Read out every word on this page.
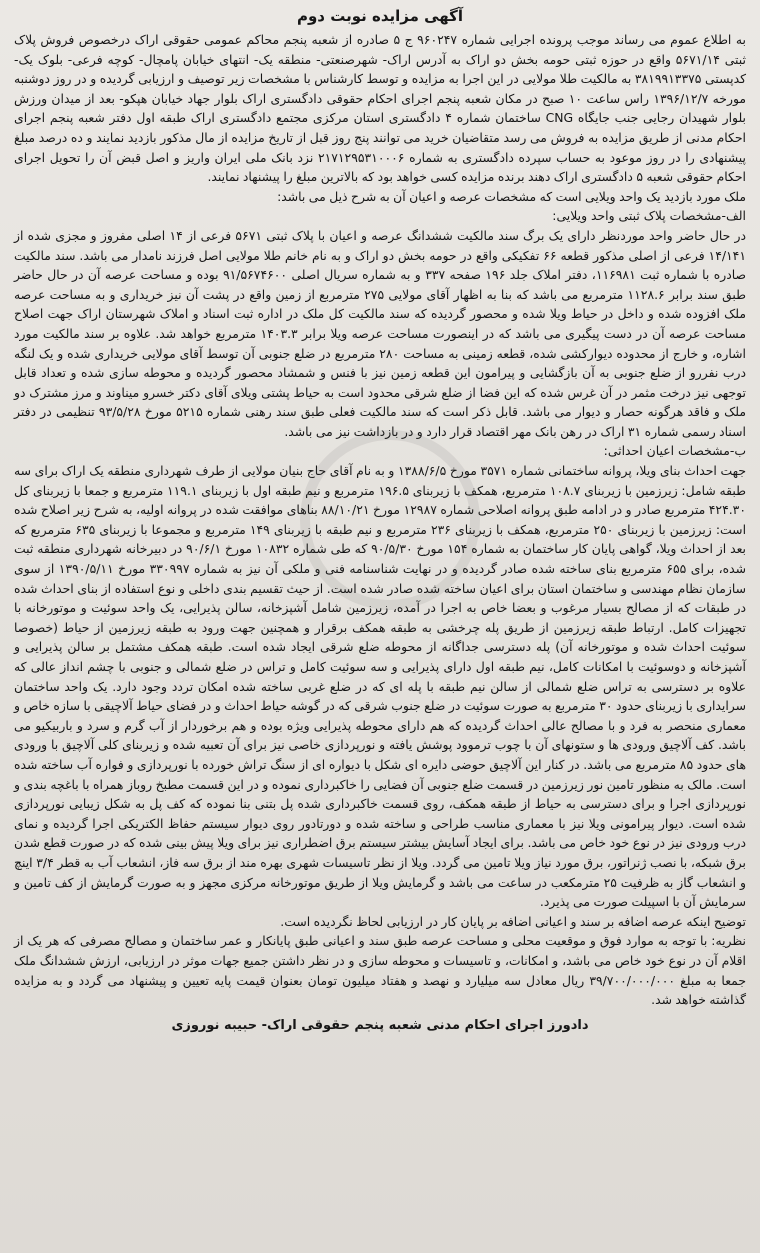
آگهی مزایده نوبت دوم

به اطلاع عموم می رساند موجب پرونده اجرایی شماره ۹۶۰۲۴۷ ج ۵ صادره از شعبه پنجم محاکم عمومی حقوقی اراک درخصوص فروش پلاک ثبتی ۵۶۷۱/۱۴ واقع در حوزه ثبتی حومه بخش دو اراک به آدرس اراک- شهرصنعتی- منطقه یک- انتهای خیابان پامچال- کوچه فرعی- بلوک یک- کدپستی ۳۸۱۹۹۱۳۳۷۵ به مالکیت طلا مولایی در این اجرا به مزایده و توسط کارشناس با مشخصات زیر توصیف و ارزیابی گردیده و در روز دوشنبه مورخه ۱۳۹۶/۱۲/۷ راس ساعت ۱۰ صبح در مکان شعبه پنجم اجرای احکام حقوقی دادگستری اراک بلوار جهاد خیابان هپکو- بعد از میدان ورزش بلوار شهیدان رجایی جنب جایگاه CNG ساختمان شماره ۴ دادگستری استان مرکزی مجتمع دادگستری اراک طبقه اول دفتر شعبه پنجم اجرای احکام مدنی از طریق مزایده به فروش می رسد متقاضیان خرید می توانند پنج روز قبل از تاریخ مزایده از مال مذکور بازدید نمایند و ده درصد مبلغ پیشنهادی را در روز موعود به حساب سپرده دادگستری به شماره ۲۱۷۱۲۹۵۳۱۰۰۰۶ نزد بانک ملی ایران واریز و اصل قبض آن را تحویل اجرای احکام حقوقی شعبه ۵ دادگستری اراک دهند برنده مزایده کسی خواهد بود که بالاترین مبلغ را پیشنهاد نمایند.

ملک مورد بازدید یک واحد ویلایی است که مشخصات عرصه و اعیان آن به شرح ذیل می باشد:

الف-مشخصات پلاک ثبتی واحد ویلایی:

در حال حاضر واحد موردنظر دارای یک برگ سند مالکیت ششدانگ عرصه و اعیان با پلاک ثبتی ۵۶۷۱ فرعی از ۱۴ اصلی مفروز و مجزی شده از ۱۴/۱۴۱ فرعی از اصلی مذکور قطعه ۶۶ تفکیکی واقع در حومه بخش دو اراک و به نام خانم طلا مولایی اصل فرزند نامدار می باشد. سند مالکیت صادره با شماره ثبت ۱۱۶۹۸۱، دفتر املاک جلد ۱۹۶ صفحه ۳۳۷ و به شماره سریال اصلی ۹۱/۵۶۷۴۶۰۰ بوده و مساحت عرصه آن در حال حاضر طبق سند برابر ۱۱۲۸.۶ مترمربع می باشد که بنا به اظهار آقای مولایی ۲۷۵ مترمربع از زمین واقع در پشت آن نیز خریداری و به مساحت عرصه ملک افزوده شده و داخل در حیاط ویلا شده و محصور گردیده که سند مالکیت کل ملک در اداره ثبت اسناد و املاک شهرستان اراک جهت اصلاح مساحت عرصه آن در دست پیگیری می باشد که در اینصورت مساحت عرصه ویلا برابر ۱۴۰۳.۳ مترمربع خواهد شد. علاوه بر سند مالکیت مورد اشاره، و خارج از محدوده دیوارکشی شده، قطعه زمینی به مساحت ۲۸۰ مترمربع در ضلع جنوبی آن توسط آقای مولایی خریداری شده و یک لنگه درب نفررو از ضلع جنوبی به آن بازگشایی و پیرامون این قطعه زمین نیز با فنس و شمشاد محصور گردیده و محوطه سازی شده و تعداد قابل توجهی نیز درخت مثمر در آن غرس شده که این فضا از ضلع شرقی محدود است به حیاط پشتی ویلای آقای دکتر خسرو میناوند و مرز مشترک دو ملک و فاقد هرگونه حصار و دیوار می باشد. قابل ذکر است که سند مالکیت فعلی طبق سند رهنی شماره ۵۲۱۵ مورخ ۹۳/۵/۲۸ تنظیمی در دفتر اسناد رسمی شماره ۳۱ اراک در رهن بانک مهر اقتصاد قرار دارد و در بازداشت نیز می باشد.

ب-مشخصات اعیان احداثی:

جهت احداث بنای ویلا، پروانه ساختمانی شماره ۳۵۷۱ مورخ ۱۳۸۸/۶/۵ و به نام آقای حاج بنیان مولایی از طرف شهرداری منطقه یک اراک برای سه طبقه شامل: زیرزمین با زیربنای ۱۰۸.۷ مترمربع، همکف با زیربنای ۱۹۶.۵ مترمربع و نیم طبقه اول با زیربنای ۱۱۹.۱ مترمربع و جمعا با زیربنای کل ۴۲۴.۳۰ مترمربع صادر و در ادامه طبق پروانه اصلاحی شماره ۱۲۹۸۷ مورخ ۸۸/۱۰/۲۱ بناهای موافقت شده در پروانه اولیه، به شرح زیر اصلاح شده است: زیرزمین با زیربنای ۲۵۰ مترمربع، همکف با زیربنای ۲۳۶ مترمربع و نیم طبقه با زیربنای ۱۴۹ مترمربع و مجموعا با زیربنای ۶۳۵ مترمربع که بعد از احداث ویلا، گواهی پایان کار ساختمان به شماره ۱۵۴ مورخ ۹۰/۵/۳۰ که طی شماره ۱۰۸۳۲ مورخ ۹۰/۶/۱ در دبیرخانه شهرداری منطقه ثبت شده، برای ۶۵۵ مترمربع بنای ساخته شده صادر گردیده و در نهایت شناسنامه فنی و ملکی آن نیز به شماره ۳۳۰۹۹۷ مورخ ۱۳۹۰/۵/۱۱ از سوی سازمان نظام مهندسی و ساختمان استان برای اعیان ساخته شده صادر شده است. از حیث تقسیم بندی داخلی و نوع استفاده از بنای احداث شده در طبقات که از مصالح بسیار مرغوب و بعضا خاص به اجرا در آمده، زیرزمین شامل آشپزخانه، سالن پذیرایی، یک واحد سوئیت و موتورخانه با تجهیزات کامل. ارتباط طبقه زیرزمین از طریق پله چرخشی به طبقه همکف برقرار و همچنین جهت ورود به طبقه زیرزمین از حیاط (خصوصا سوئیت احداث شده و موتورخانه آن) پله دسترسی جداگانه از محوطه ضلع شرقی ایجاد شده است. طبقه همکف مشتمل بر سالن پذیرایی و آشپزخانه و دوسوئیت با امکانات کامل، نیم طبقه اول دارای پذیرایی و سه سوئیت کامل و تراس در ضلع شمالی و جنوبی با چشم انداز عالی که علاوه بر دسترسی به تراس ضلع شمالی از سالن نیم طبقه با پله ای که در ضلع غربی ساخته شده امکان تردد وجود دارد. یک واحد ساختمان سرایداری با زیربنای حدود ۳۰ مترمربع به صورت سوئیت در ضلع جنوب شرقی که در گوشه حیاط احداث و در فضای حیاط آلاچیقی با سازه خاص و معماری منحصر به فرد و با مصالح عالی احداث گردیده که هم دارای محوطه پذیرایی ویژه بوده و هم برخوردار از آب گرم و سرد و باربیکیو می باشد. کف آلاچیق ورودی ها و ستونهای آن با چوب ترموود پوشش یافته و نورپردازی خاصی نیز برای آن تعبیه شده و زیربنای کلی آلاچیق با ورودی های حدود ۸۵ مترمربع می باشد. در کنار این آلاچیق حوضی دایره ای شکل با دیواره ای از سنگ تراش خورده با نورپردازی و فواره آب ساخته شده است. مالک به منظور تامین نور زیرزمین در قسمت ضلع جنوبی آن فضایی را خاکبرداری نموده و در این قسمت مطبخ روباز همراه با باغچه بندی و نورپردازی اجرا و برای دسترسی به حیاط از طبقه همکف، روی قسمت خاکبرداری شده پل بتنی بنا نموده که کف پل به شکل زیبایی نورپردازی شده است. دیوار پیرامونی ویلا نیز با معماری مناسب طراحی و ساخته شده و دورتادور روی دیوار سیستم حفاظ الکتریکی اجرا گردیده و نمای درب ورودی نیز در نوع خود خاص می باشد. برای ایجاد آسایش بیشتر سیستم برق اضطراری نیز برای ویلا پیش بینی شده که در صورت قطع شدن برق شبکه، با نصب ژنراتور، برق مورد نیاز ویلا تامین می گردد. ویلا از نظر تاسیسات شهری بهره مند از برق سه فاز، انشعاب آب به قطر ۳/۴ اینچ و انشعاب گاز به ظرفیت ۲۵ مترمکعب در ساعت می باشد و گرمایش ویلا از طریق موتورخانه مرکزی مجهز و به صورت گرمایش از کف تامین و سرمایش آن با اسپیلت صورت می پذیرد.

توضیح اینکه عرصه اضافه بر سند و اعیانی اضافه بر پایان کار در ارزیابی لحاظ نگردیده است.

نظریه: با توجه به موارد فوق و موقعیت محلی و مساحت عرصه طبق سند و اعیانی طبق پایانکار و عمر ساختمان و مصالح مصرفی که هر یک از اقلام آن در نوع خود خاص می باشد، و امکانات، و تاسیسات و محوطه سازی و در نظر داشتن جمیع جهات موثر در ارزیابی، ارزش ششدانگ ملک جمعا به مبلغ ۳۹/۷۰۰/۰۰۰/۰۰۰ ریال معادل سه میلیارد و نهصد و هفتاد میلیون تومان بعنوان قیمت پایه تعیین و پیشنهاد می گردد و به مزایده گذاشته خواهد شد.

دادورز اجرای احکام مدنی شعبه پنجم حقوقی اراک- حبیبه نوروزی
